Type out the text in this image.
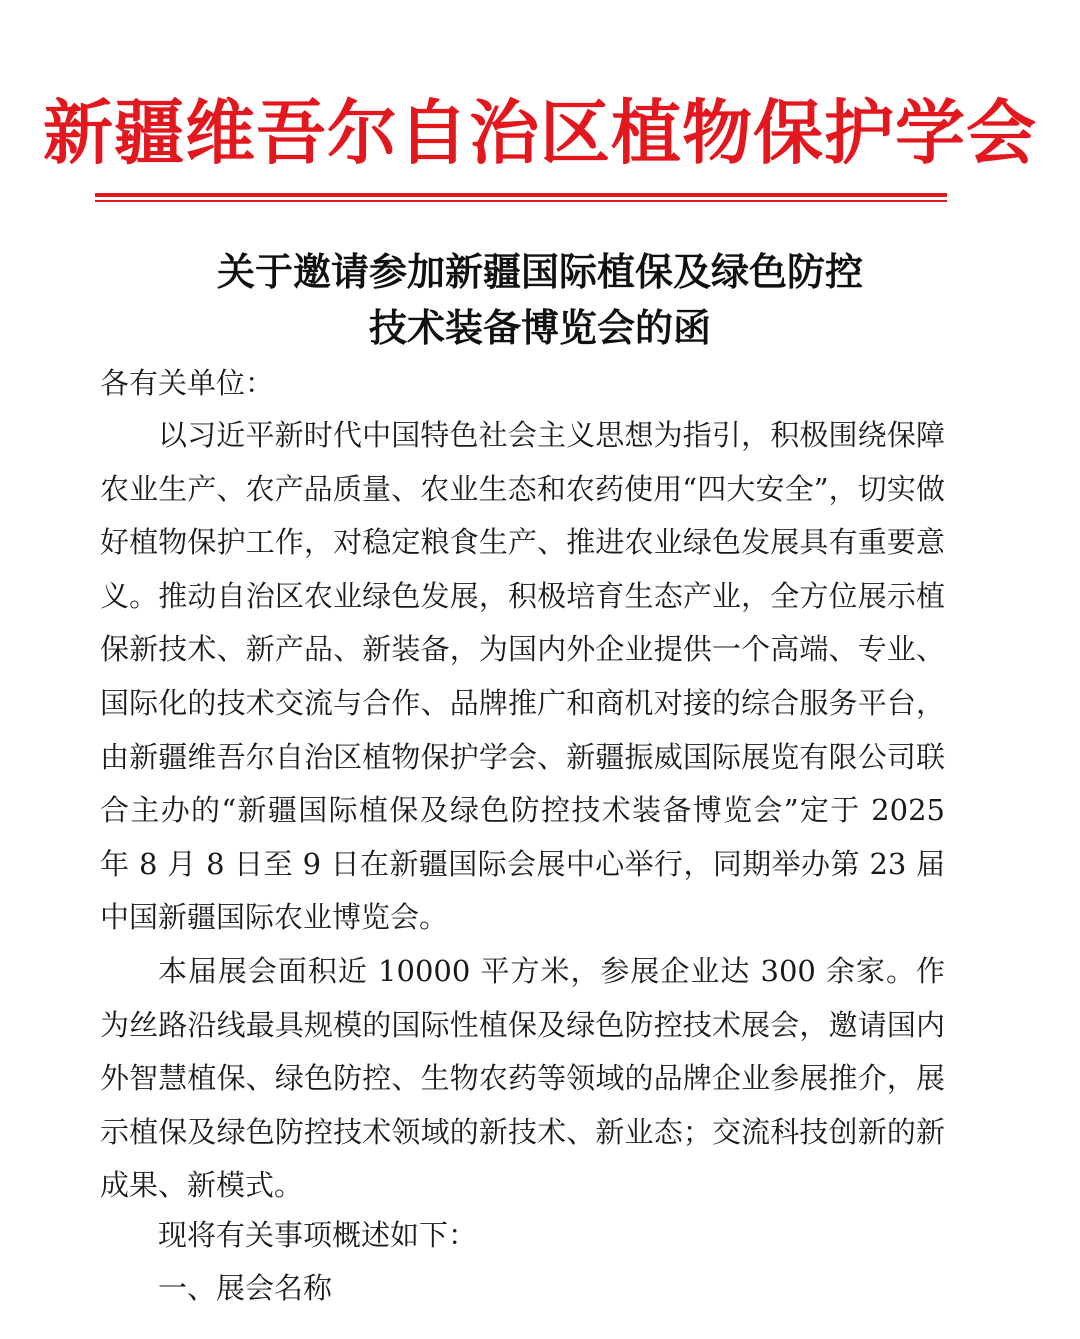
新疆维吾尔自治区植物保护学会
关于邀请参加新疆国际植保及绿色防控
技术装备博览会的函

各有关单位：

以习近平新时代中国特色社会主义思想为指引，积极围绕保障农业生产、农产品质量、农业生态和农药使用“四大安全”，切实做好植物保护工作，对稳定粮食生产、推进农业绿色发展具有重要意义。推动自治区农业绿色发展，积极培育生态产业，全方位展示植保新技术、新产品、新装备，为国内外企业提供一个高端、专业、国际化的技术交流与合作、品牌推广和商机对接的综合服务平台，由新疆维吾尔自治区植物保护学会、新疆振威国际展览有限公司联合主办的“新疆国际植保及绿色防控技术装备博览会”定于 2025 年 8 月 8 日至 9 日在新疆国际会展中心举行，同期举办第 23 届中国新疆国际农业博览会。

本届展会面积近 10000 平方米，参展企业达 300 余家。作为丝路沿线最具规模的国际性植保及绿色防控技术展会，邀请国内外智慧植保、绿色防控、生物农药等领域的品牌企业参展推介，展示植保及绿色防控技术领域的新技术、新业态；交流科技创新的新成果、新模式。

现将有关事项概述如下：

一、展会名称
